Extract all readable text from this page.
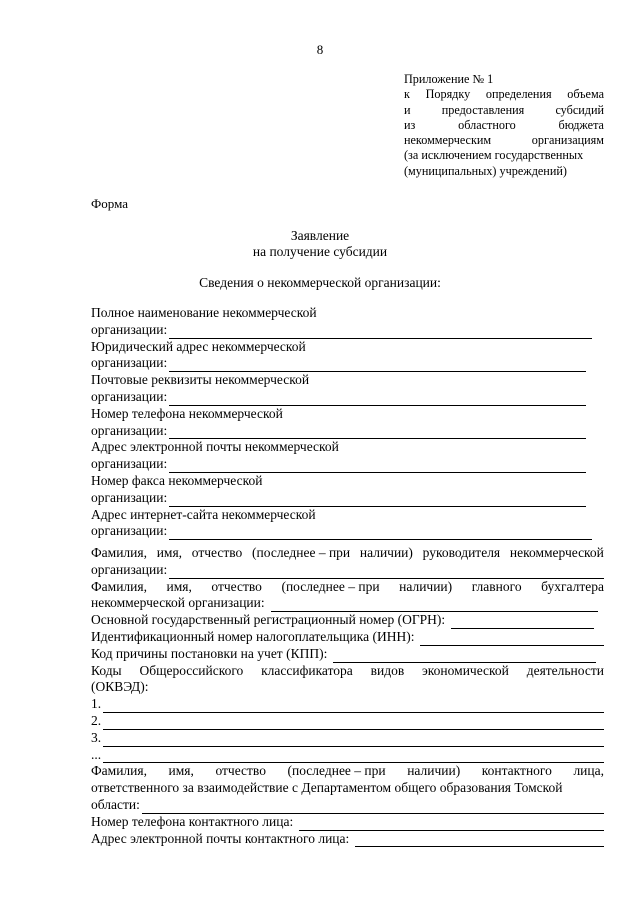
8
Приложение № 1
к Порядку определения объема
и	предоставления	субсидий
из	областного	бюджета
некоммерческим	организациям
(за исключением государственных
(муниципальных) учреждений)
Форма
Заявление
на получение субсидии
Сведения о некоммерческой организации:
Полное наименование некоммерческой
организации:
Юридический адрес некоммерческой
организации:
Почтовые реквизиты некоммерческой
организации:
Номер телефона некоммерческой
организации:
Адрес электронной почты некоммерческой
организации:
Номер факса некоммерческой
организации:
Адрес интернет-сайта некоммерческой
организации:
Фамилия, имя, отчество (последнее – при наличии) руководителя некоммерческой
организации:
Фамилия, имя, отчество (последнее – при наличии) главного бухгалтера
некоммерческой организации:
Основной государственный регистрационный номер (ОГРН):
Идентификационный номер налогоплательщика (ИНН):
Код причины постановки на учет (КПП):
Коды Общероссийского классификатора видов экономической деятельности
(ОКВЭД):
1.
2.
3.
...
Фамилия, имя, отчество (последнее – при наличии) контактного лица,
ответственного за взаимодействие с Департаментом общего образования Томской
области:
Номер телефона контактного лица:
Адрес электронной почты контактного лица:
